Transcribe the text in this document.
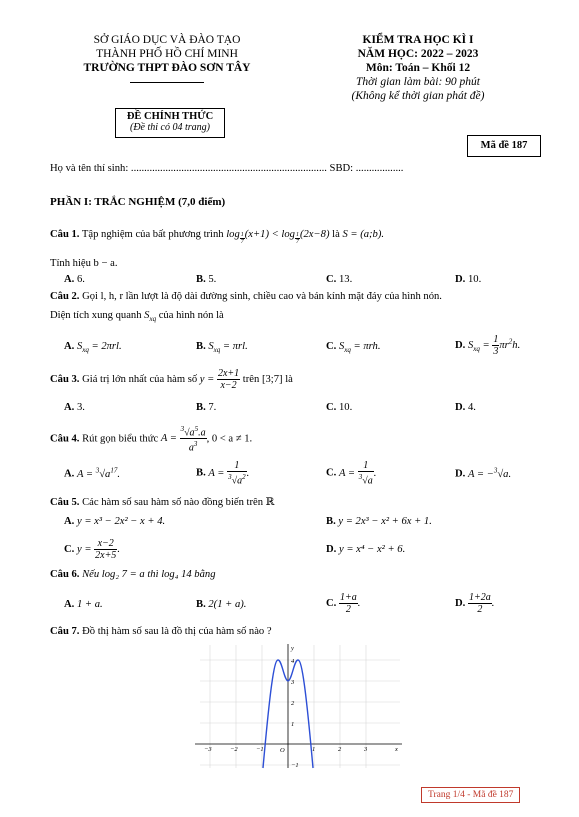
SỞ GIÁO DỤC VÀ ĐÀO TẠO
THÀNH PHỐ HỒ CHÍ MINH
TRƯỜNG THPT ĐÀO SƠN TÂY
ĐỀ CHÍNH THỨC
(Đề thi có 04 trang)
KIỂM TRA HỌC KÌ I
NĂM HỌC: 2022 – 2023
Môn: Toán – Khối 12
Thời gian làm bài: 90 phút
(Không kể thời gian phát đề)
Mã đề 187
Họ và tên thí sinh: .......................................................................... SBD: ..................
PHẦN I: TRẮC NGHIỆM (7,0 điểm)
Câu 1. Tập nghiệm của bất phương trình log $_{\frac{1}{7}}$ (x+1) < log $_{\frac{1}{7}}$ (2x−8) là S = (a;b).
Tính hiệu b − a.
A. 6.	B. 5.	C. 13.	D. 10.
Câu 2. Gọi l, h, r lần lượt là độ dài đường sinh, chiều cao và bán kính mặt đáy của hình nón.
Diện tích xung quanh $S_{xq}$ của hình nón là
A. $S_{xq} = 2\pi rl$.	B. $S_{xq} = \pi rl$.	C. $S_{xq} = \pi rh$.	D. $S_{xq} = \frac{1}{3} \pi r^2h$.
Câu 3. Giá trị lớn nhất của hàm số $y = \frac{2x+1}{x-2}$ trên [3;7] là
A. 3.	B. 7.	C. 10.	D. 4.
Câu 4. Rút gọn biểu thức $A = \frac{^3√a^5.a}{a^3}$ , 0 < a ≠ 1.
A. $A = ^3√a^{17}$.	B. $A = \frac{1}{^3√a^2}$ .	C. $A = \frac{1}{^3√a}$ .	D. A = −$^3$√a.
Câu 5. Các hàm số sau hàm số nào đồng biến trên ℝ
A. y = x³ − 2x² − x + 4.	B. y = 2x³ − x² + 6x + 1.
C. $y = \frac{x-2}{2x+5}$ .	D. y = x⁴ − x² + 6.
Câu 6. Nếu log₂ 7 = a thì log₄ 14 bằng
A. 1 + a.	B. 2(1 + a).	C. $\frac{1+a}{2}$ .	D. $\frac{1+2a}{2}$ .
Câu 7. Đồ thị hàm số sau là đồ thị của hàm số nào ?
−3	−2	−1	1	2	3
4
3
2
1
−1
x
y
O
Trang 1/4 - Mã đề 187
